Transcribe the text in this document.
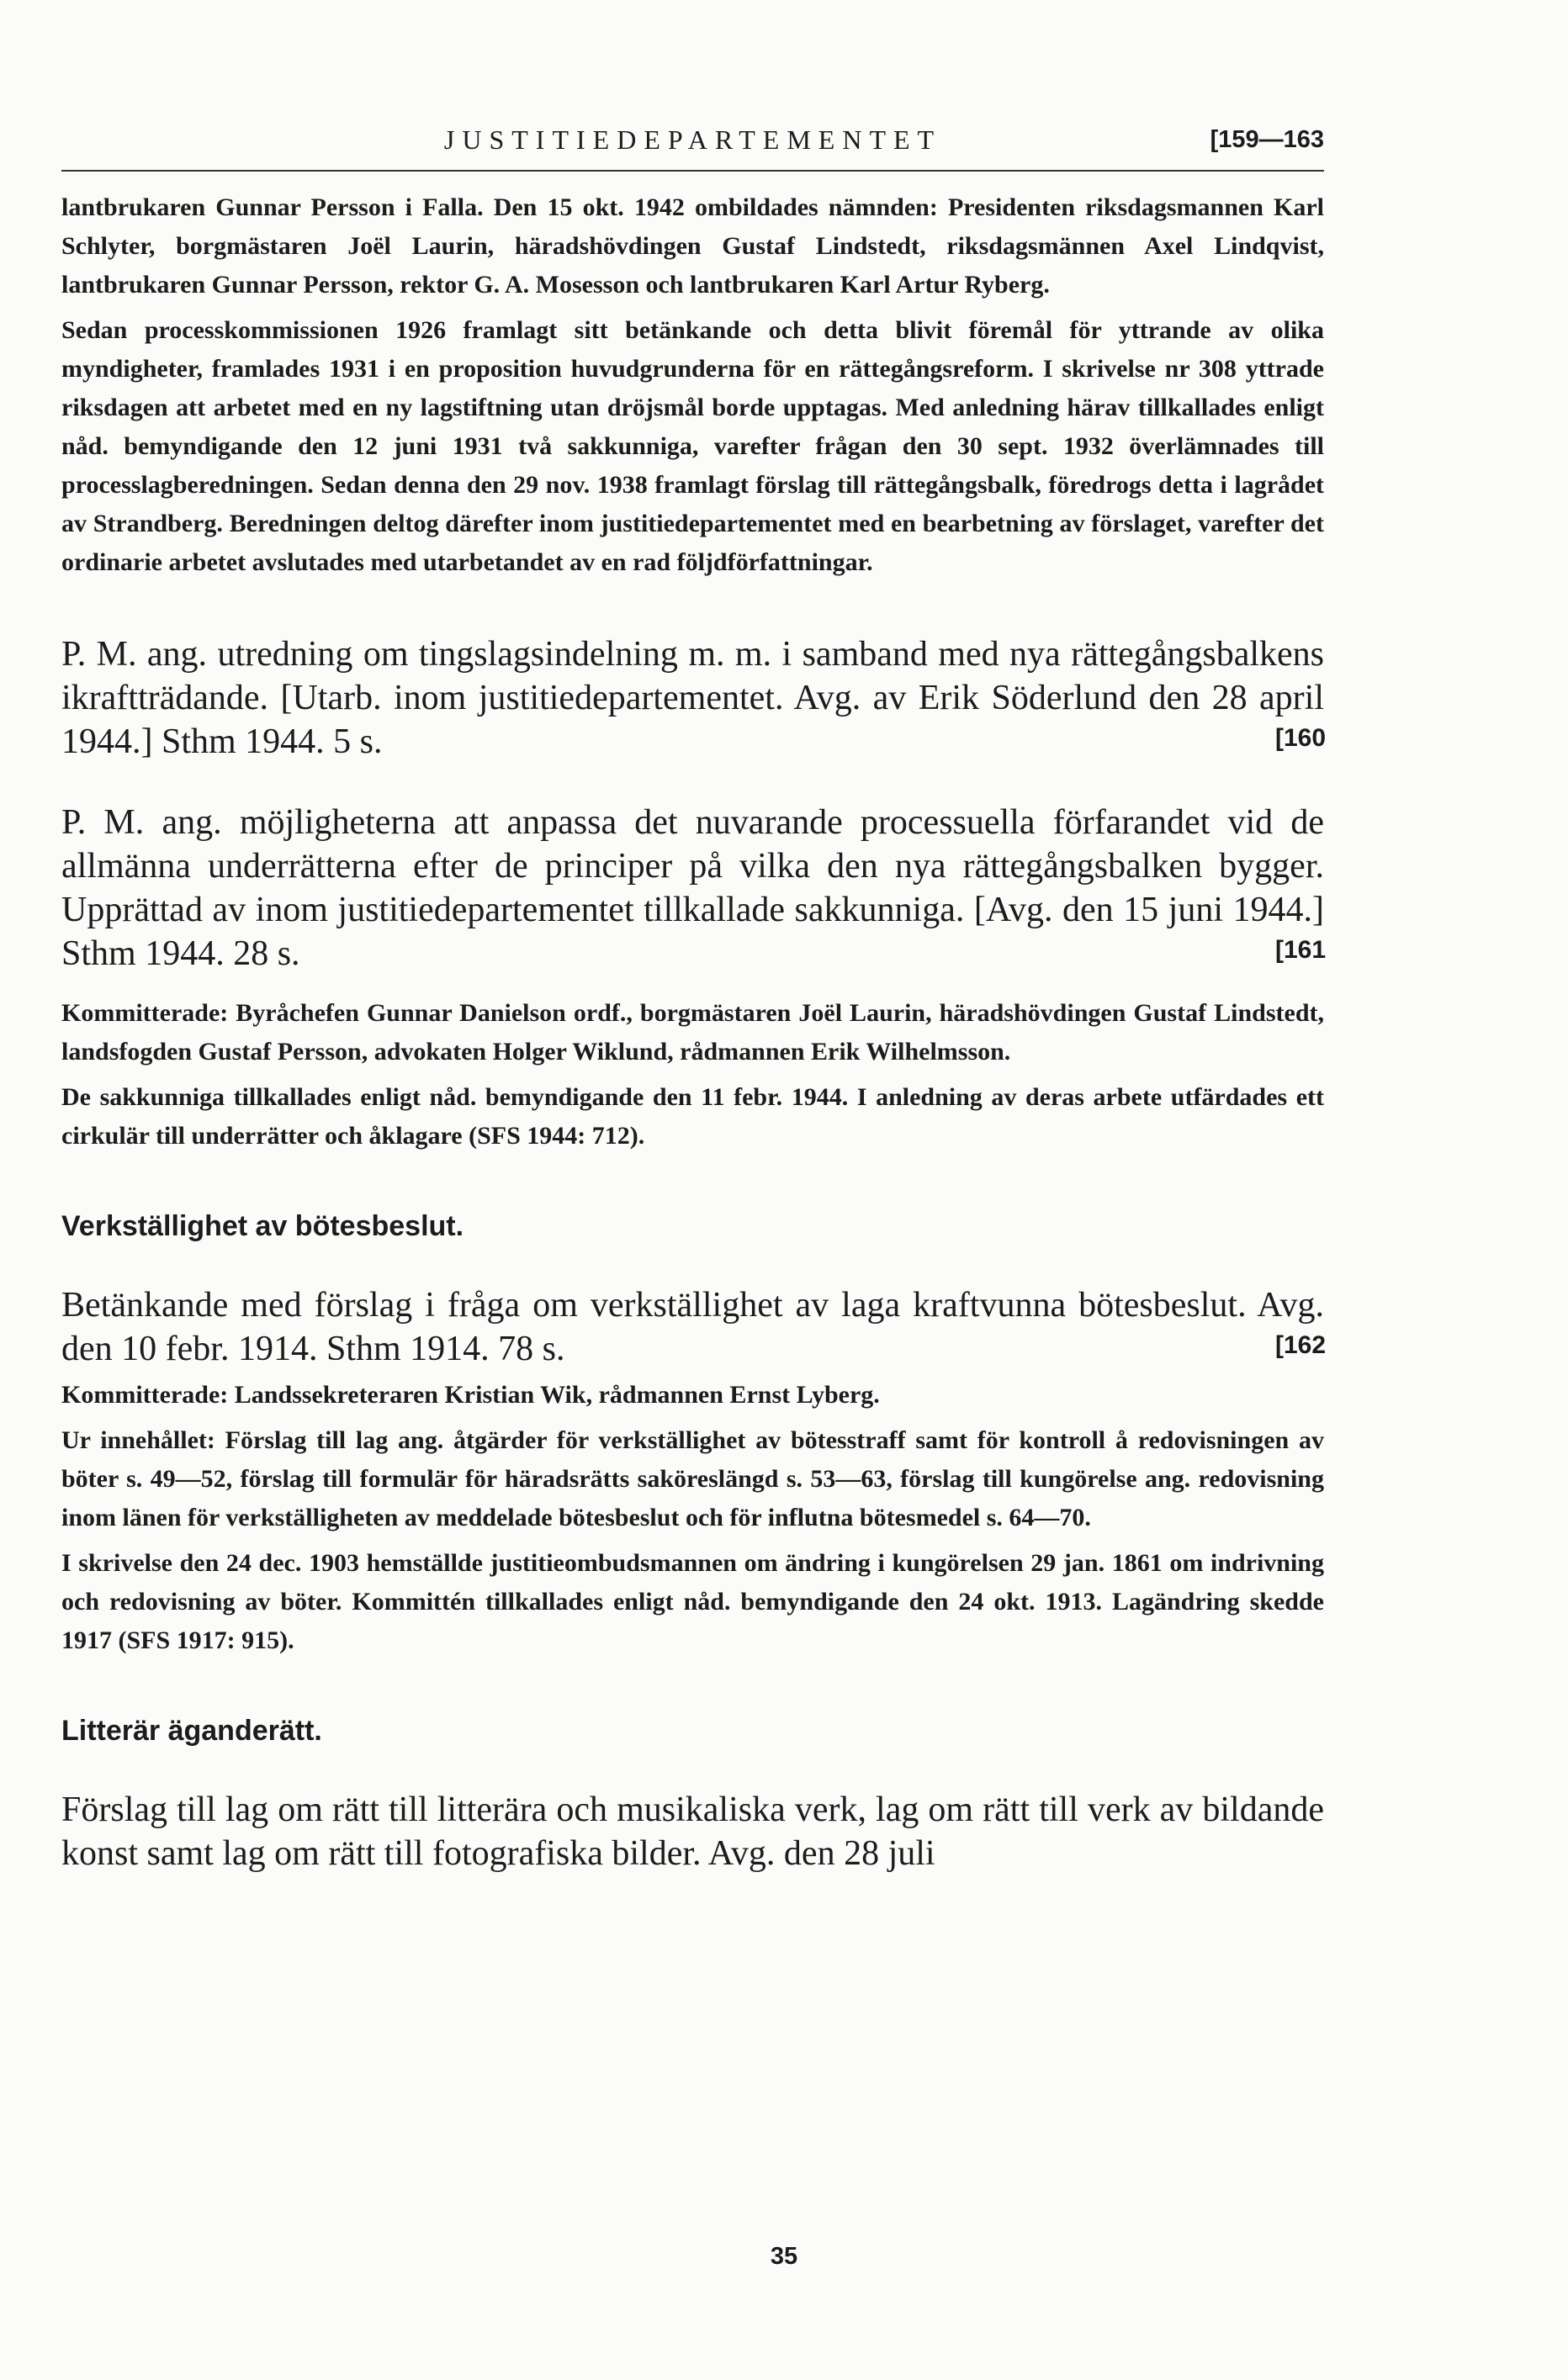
JUSTITIEDEPARTEMENTET	[159—163

lantbrukaren Gunnar Persson i Falla. Den 15 okt. 1942 ombildades nämnden: Presidenten riksdagsmannen Karl Schlyter, borgmästaren Joël Laurin, häradshövdingen Gustaf Lindstedt, riksdagsmännen Axel Lindqvist, lantbrukaren Gunnar Persson, rektor G. A. Mosesson och lantbrukaren Karl Artur Ryberg.

Sedan processkommissionen 1926 framlagt sitt betänkande och detta blivit föremål för yttrande av olika myndigheter, framlades 1931 i en proposition huvudgrunderna för en rättegångsreform. I skrivelse nr 308 yttrade riksdagen att arbetet med en ny lagstiftning utan dröjsmål borde upptagas. Med anledning härav tillkallades enligt nåd. bemyndigande den 12 juni 1931 två sakkunniga, varefter frågan den 30 sept. 1932 överlämnades till processlagberedningen. Sedan denna den 29 nov. 1938 framlagt förslag till rättegångsbalk, föredrogs detta i lagrådet av Strandberg. Beredningen deltog därefter inom justitiedepartementet med en bearbetning av förslaget, varefter det ordinarie arbetet avslutades med utarbetandet av en rad följdförfattningar.

P. M. ang. utredning om tingslagsindelning m. m. i samband med nya rättegångsbalkens ikraftträdande. [Utarb. inom justitiedepartementet. Avg. av Erik Söderlund den 28 april 1944.] Sthm 1944. 5 s.	[160

P. M. ang. möjligheterna att anpassa det nuvarande processuella förfarandet vid de allmänna underrätterna efter de principer på vilka den nya rättegångsbalken bygger. Upprättad av inom justitiedepartementet tillkallade sakkunniga. [Avg. den 15 juni 1944.] Sthm 1944. 28 s.	[161

Kommitterade: Byråchefen Gunnar Danielson ordf., borgmästaren Joël Laurin, häradshövdingen Gustaf Lindstedt, landsfogden Gustaf Persson, advokaten Holger Wiklund, rådmannen Erik Wilhelmsson.

De sakkunniga tillkallades enligt nåd. bemyndigande den 11 febr. 1944. I anledning av deras arbete utfärdades ett cirkulär till underrätter och åklagare (SFS 1944: 712).

Verkställighet av bötesbeslut.

Betänkande med förslag i fråga om verkställighet av laga kraftvunna bötesbeslut. Avg. den 10 febr. 1914. Sthm 1914. 78 s.	[162

Kommitterade: Landssekreteraren Kristian Wik, rådmannen Ernst Lyberg.

Ur innehållet: Förslag till lag ang. åtgärder för verkställighet av bötesstraff samt för kontroll å redovisningen av böter s. 49—52, förslag till formulär för häradsrätts saköreslängd s. 53—63, förslag till kungörelse ang. redovisning inom länen för verkställigheten av meddelade bötesbeslut och för influtna bötesmedel s. 64—70.

I skrivelse den 24 dec. 1903 hemställde justitieombudsmannen om ändring i kungörelsen 29 jan. 1861 om indrivning och redovisning av böter. Kommittén tillkallades enligt nåd. bemyndigande den 24 okt. 1913. Lagändring skedde 1917 (SFS 1917: 915).

Litterär äganderätt.

Förslag till lag om rätt till litterära och musikaliska verk, lag om rätt till verk av bildande konst samt lag om rätt till fotografiska bilder. Avg. den 28 juli

35
